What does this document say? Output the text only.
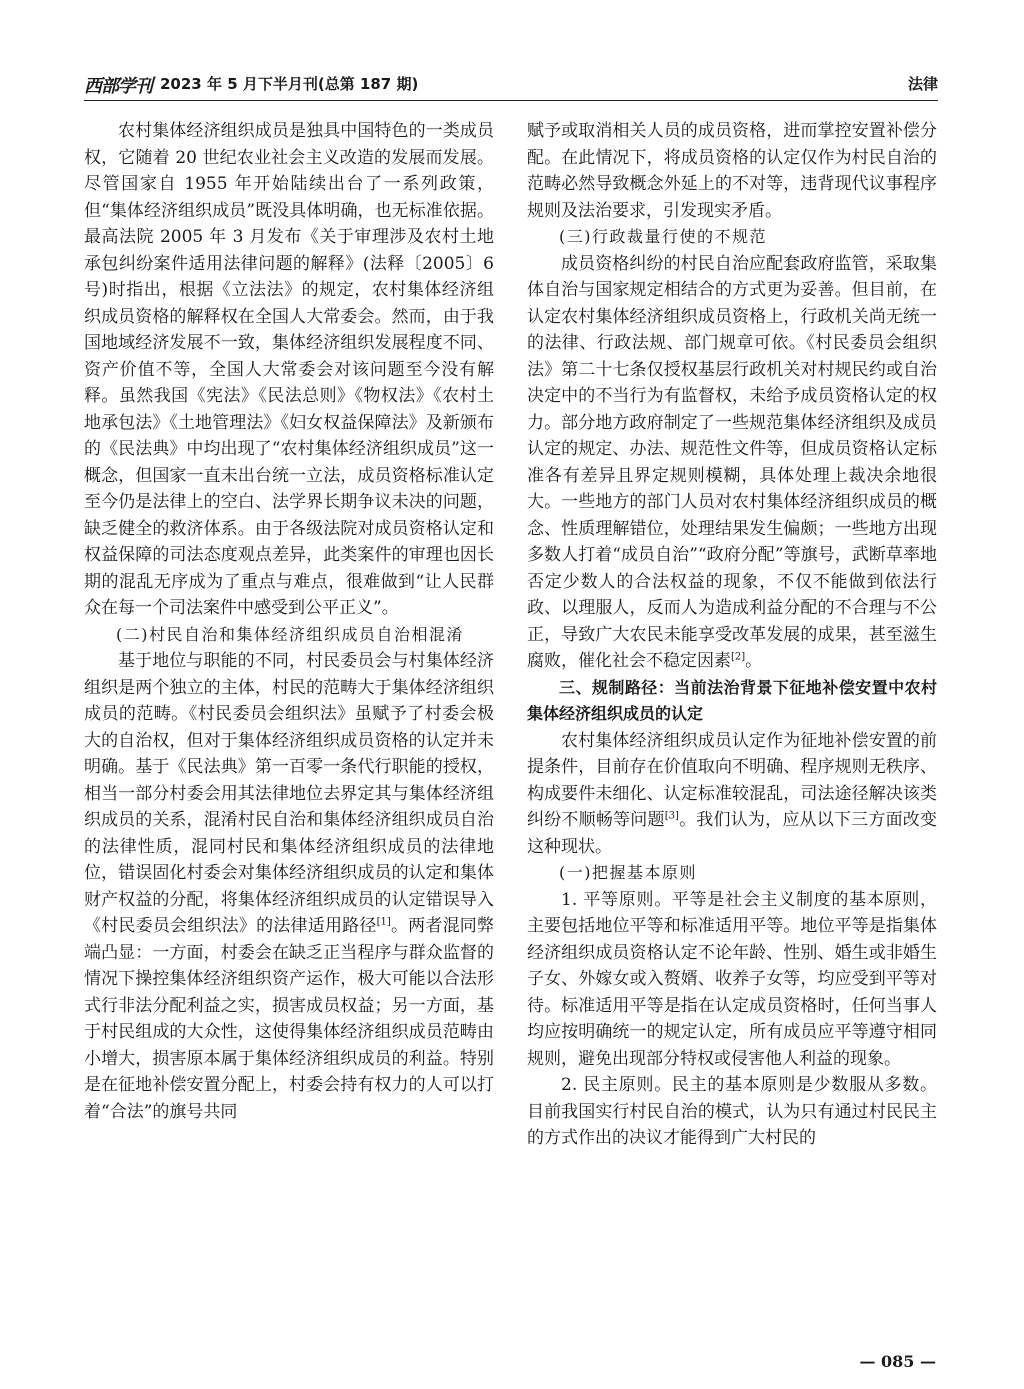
西部学刊 2023 年 5 月下半月刊(总第 187 期)	法律

农村集体经济组织成员是独具中国特色的一类成员权，它随着 20 世纪农业社会主义改造的发展而发展。尽管国家自 1955 年开始陆续出台了一系列政策，但“集体经济组织成员”既没具体明确，也无标准依据。最高法院 2005 年 3 月发布《关于审理涉及农村土地承包纠纷案件适用法律问题的解释》(法释〔2005〕6 号)时指出，根据《立法法》的规定，农村集体经济组织成员资格的解释权在全国人大常委会。然而，由于我国地域经济发展不一致，集体经济组织发展程度不同、资产价值不等，全国人大常委会对该问题至今没有解释。虽然我国《宪法》《民法总则》《物权法》《农村土地承包法》《土地管理法》《妇女权益保障法》及新颁布的《民法典》中均出现了“农村集体经济组织成员”这一概念，但国家一直未出台统一立法，成员资格标准认定至今仍是法律上的空白、法学界长期争议未决的问题，缺乏健全的救济体系。由于各级法院对成员资格认定和权益保障的司法态度观点差异，此类案件的审理也因长期的混乱无序成为了重点与难点，很难做到“让人民群众在每一个司法案件中感受到公平正义”。

(二)村民自治和集体经济组织成员自治相混淆

基于地位与职能的不同，村民委员会与村集体经济组织是两个独立的主体，村民的范畴大于集体经济组织成员的范畴。《村民委员会组织法》虽赋予了村委会极大的自治权，但对于集体经济组织成员资格的认定并未明确。基于《民法典》第一百零一条代行职能的授权，相当一部分村委会用其法律地位去界定其与集体经济组织成员的关系，混淆村民自治和集体经济组织成员自治的法律性质，混同村民和集体经济组织成员的法律地位，错误固化村委会对集体经济组织成员的认定和集体财产权益的分配，将集体经济组织成员的认定错误导入《村民委员会组织法》的法律适用路径[1]。两者混同弊端凸显：一方面，村委会在缺乏正当程序与群众监督的情况下操控集体经济组织资产运作，极大可能以合法形式行非法分配利益之实，损害成员权益；另一方面，基于村民组成的大众性，这使得集体经济组织成员范畴由小增大，损害原本属于集体经济组织成员的利益。特别是在征地补偿安置分配上，村委会持有权力的人可以打着“合法”的旗号共同

赋予或取消相关人员的成员资格，进而掌控安置补偿分配。在此情况下，将成员资格的认定仅作为村民自治的范畴必然导致概念外延上的不对等，违背现代议事程序规则及法治要求，引发现实矛盾。

(三)行政裁量行使的不规范

成员资格纠纷的村民自治应配套政府监管，采取集体自治与国家规定相结合的方式更为妥善。但目前，在认定农村集体经济组织成员资格上，行政机关尚无统一的法律、行政法规、部门规章可依。《村民委员会组织法》第二十七条仅授权基层行政机关对村规民约或自治决定中的不当行为有监督权，未给予成员资格认定的权力。部分地方政府制定了一些规范集体经济组织及成员认定的规定、办法、规范性文件等，但成员资格认定标准各有差异且界定规则模糊，具体处理上裁决余地很大。一些地方的部门人员对农村集体经济组织成员的概念、性质理解错位，处理结果发生偏颇；一些地方出现多数人打着“成员自治”“政府分配”等旗号，武断草率地否定少数人的合法权益的现象，不仅不能做到依法行政、以理服人，反而人为造成利益分配的不合理与不公正，导致广大农民未能享受改革发展的成果，甚至滋生腐败，催化社会不稳定因素[2]。

三、规制路径：当前法治背景下征地补偿安置中农村集体经济组织成员的认定

农村集体经济组织成员认定作为征地补偿安置的前提条件，目前存在价值取向不明确、程序规则无秩序、构成要件未细化、认定标准较混乱，司法途径解决该类纠纷不顺畅等问题[3]。我们认为，应从以下三方面改变这种现状。

(一)把握基本原则

1. 平等原则。平等是社会主义制度的基本原则，主要包括地位平等和标准适用平等。地位平等是指集体经济组织成员资格认定不论年龄、性别、婚生或非婚生子女、外嫁女或入赘婿、收养子女等，均应受到平等对待。标准适用平等是指在认定成员资格时，任何当事人均应按明确统一的规定认定，所有成员应平等遵守相同规则，避免出现部分特权或侵害他人利益的现象。

2. 民主原则。民主的基本原则是少数服从多数。目前我国实行村民自治的模式，认为只有通过村民民主的方式作出的决议才能得到广大村民的

— 085 —
